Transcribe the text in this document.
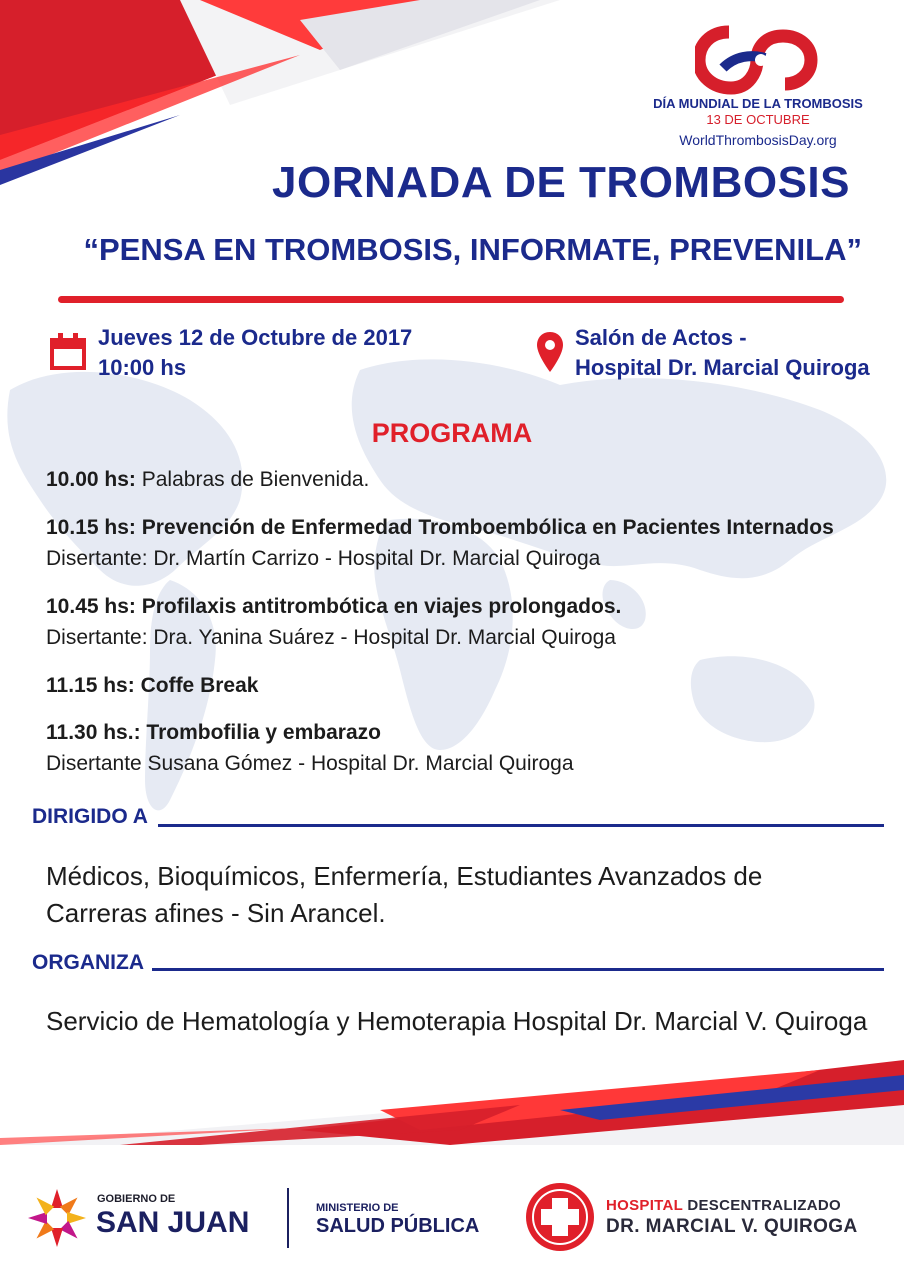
DÍA MUNDIAL DE LA TROMBOSIS
13 DE OCTUBRE
WorldThrombosisDay.org
JORNADA DE TROMBOSIS
“PENSA EN TROMBOSIS, INFORMATE, PREVENILA”
Jueves 12 de Octubre de 2017
10:00 hs
Salón de Actos -
Hospital Dr. Marcial Quiroga
PROGRAMA
10.00 hs: Palabras de Bienvenida.
10.15 hs: Prevención de Enfermedad Tromboembólica en Pacientes Internados
Disertante: Dr. Martín Carrizo - Hospital Dr. Marcial Quiroga
10.45 hs: Profilaxis antitrombótica en viajes prolongados.
Disertante: Dra. Yanina Suárez - Hospital Dr. Marcial Quiroga
11.15 hs: Coffe Break
11.30 hs.: Trombofilia y embarazo
Disertante Susana Gómez - Hospital Dr. Marcial Quiroga
DIRIGIDO A
Médicos, Bioquímicos, Enfermería, Estudiantes Avanzados de
Carreras afines - Sin Arancel.
ORGANIZA
Servicio de Hematología y Hemoterapia Hospital Dr. Marcial V. Quiroga
GOBIERNO DE
SAN JUAN	MINISTERIO DE
SALUD PÚBLICA
HOSPITAL DESCENTRALIZADO
DR. MARCIAL V. QUIROGA
